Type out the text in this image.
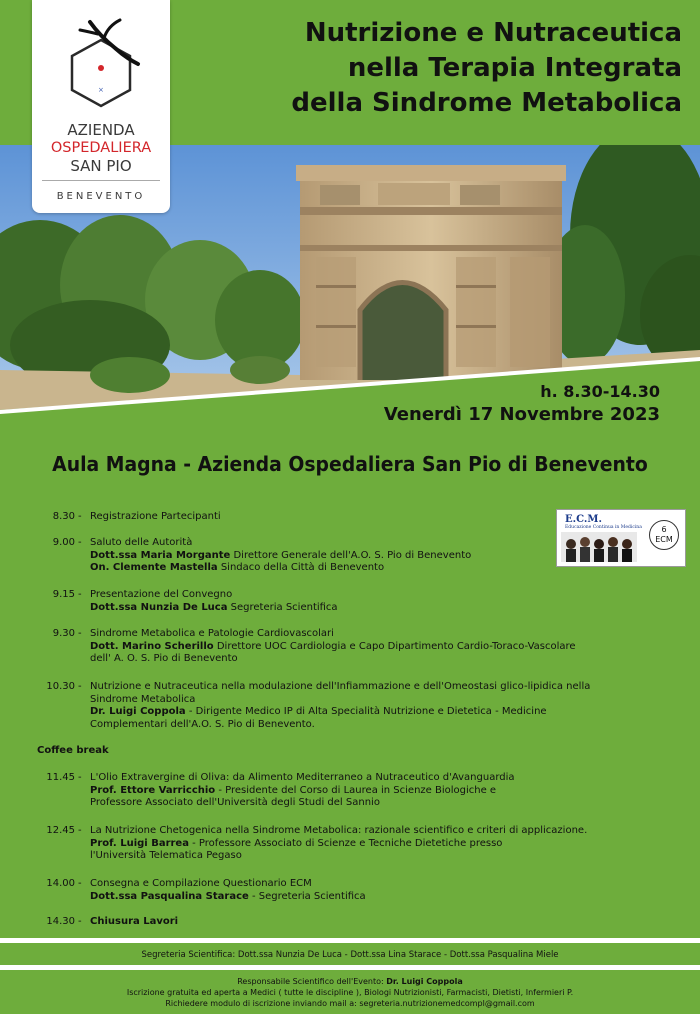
×
AZIENDA
OSPEDALIERA
SAN PIO
BENEVENTO
Nutrizione e Nutraceutica
nella Terapia Integrata
della Sindrome Metabolica
h. 8.30-14.30
Venerdì 17 Novembre 2023
Aula Magna - Azienda Ospedaliera San Pio di Benevento
E.C.M.
Educazione Continua in Medicina	6
ECM
8.30 - Registrazione Partecipanti
9.00 - Saluto delle Autorità
Dott.ssa Maria Morgante Direttore Generale dell'A.O. S. Pio di Benevento
On. Clemente Mastella Sindaco della Città di Benevento
9.15 - Presentazione del Convegno
Dott.ssa Nunzia De Luca Segreteria Scientifica
9.30 - Sindrome Metabolica e Patologie Cardiovascolari
Dott. Marino Scherillo Direttore UOC Cardiologia e Capo Dipartimento Cardio-Toraco-Vascolare
dell' A. O. S. Pio di Benevento
10.30 - Nutrizione e Nutraceutica nella modulazione dell'Infiammazione e dell'Omeostasi glico-lipidica nella
Sindrome Metabolica
Dr. Luigi Coppola - Dirigente Medico IP di Alta Specialità Nutrizione e Dietetica - Medicine
Complementari dell'A.O. S. Pio di Benevento.
11.45 - L'Olio Extravergine di Oliva: da Alimento Mediterraneo a Nutraceutico d'Avanguardia
Prof. Ettore Varricchio - Presidente del Corso di Laurea in Scienze Biologiche e
Professore Associato dell'Università degli Studi del Sannio
12.45 - La Nutrizione Chetogenica nella Sindrome Metabolica: razionale scientifico e criteri di applicazione.
Prof. Luigi Barrea - Professore Associato di Scienze e Tecniche Dietetiche presso
l'Università Telematica Pegaso
14.00 - Consegna e Compilazione Questionario ECM
Dott.ssa Pasqualina Starace - Segreteria Scientifica
14.30 - Chiusura Lavori
Coffee break
Segreteria Scientifica: Dott.ssa Nunzia De Luca - Dott.ssa Lina Starace - Dott.ssa Pasqualina Miele
Responsabile Scientifico dell'Evento: Dr. Luigi Coppola
Iscrizione gratuita ed aperta a Medici ( tutte le discipline ), Biologi Nutrizionisti, Farmacisti, Dietisti, Infermieri P.
Richiedere modulo di iscrizione inviando mail a: segreteria.nutrizionemedcompl@gmail.com
